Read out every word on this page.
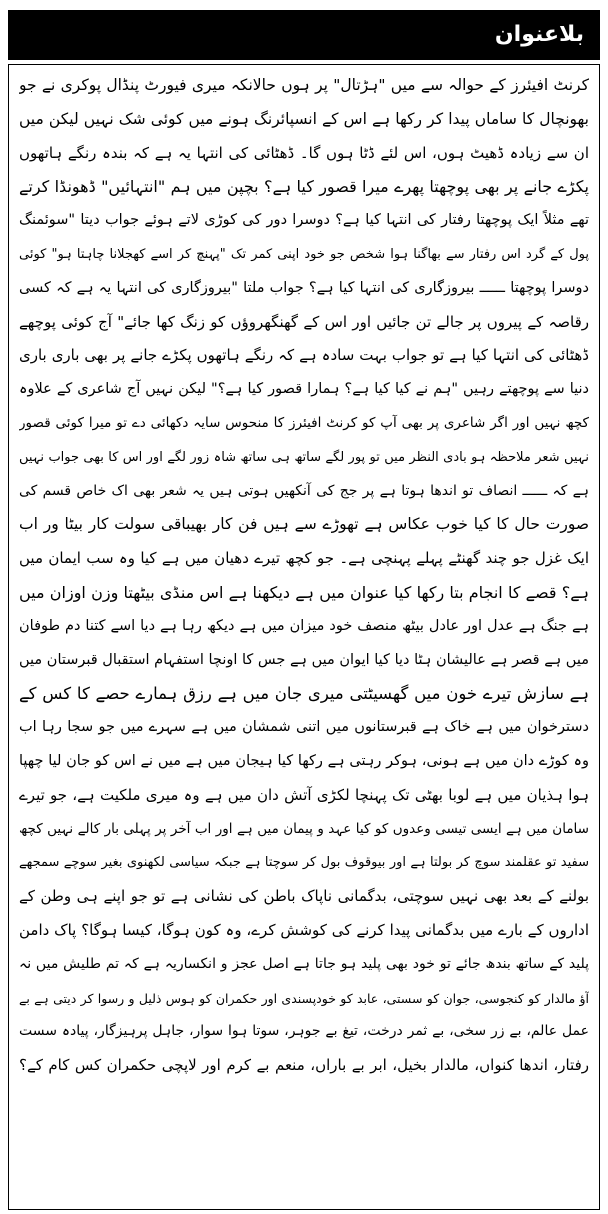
بلاعنوان
کرنٹ افیئرز کے حوالہ سے میں "ہڑتال" پر ہوں حالانکہ میری فیورٹ پنڈال پوکری نے جو
بھونچال کا ساماں پیدا کر رکھا ہے اس کے انسپائرنگ ہونے میں کوئی شک نہیں لیکن میں
ان سے زیادہ ڈھیٹ ہوں، اس لئے ڈٹا ہوں گا۔ ڈھٹائی کی انتہا یہ ہے کہ بندہ رنگے ہاتھوں
پکڑے جانے پر بھی پوچھتا پھرے میرا قصور کیا ہے؟ بچپن میں ہم "انتہائیں" ڈھونڈا کرتے
تھے مثلاً ایک پوچھتا رفتار کی انتہا کیا ہے؟ دوسرا دور کی کوڑی لاتے ہوئے جواب دیتا "سوئمنگ
پول کے گرد اس رفتار سے بھاگنا ہوا شخص جو خود اپنی کمر تک "پہنچ کر اسے کھجلانا چاہتا ہو" کوئی
دوسرا پوچھتا ــــــ بیروزگاری کی انتہا کیا ہے؟ جواب ملتا "بیروزگاری کی انتہا یہ ہے کہ کسی
رقاصہ کے پیروں پر جالے تن جائیں اور اس کے گھنگھروؤں کو زنگ کھا جائے" آج کوئی پوچھے
ڈھٹائی کی انتہا کیا ہے تو جواب بہت سادہ ہے کہ رنگے ہاتھوں پکڑے جانے پر بھی باری باری
دنیا سے پوچھتے رہیں "ہم نے کیا کیا ہے؟ ہمارا قصور کیا ہے؟" لیکن نہیں آج شاعری کے علاوہ
کچھ نہیں اور اگر شاعری پر بھی آپ کو کرنٹ افیئرز کا منحوس سایہ دکھائی دے تو میرا کوئی قصور
نہیں شعر ملاحظہ ہو بادی النظر میں تو پور لگے ساتھ ہی ساتھ شاہ زور لگے اور اس کا بھی جواب نہیں
ہے کہ ــــــ انصاف تو اندھا ہوتا ہے پر جج کی آنکھیں ہوتی ہیں یہ شعر بھی اک خاص قسم کی
صورت حال کا کیا خوب عکاس ہے تھوڑے سے ہیں فن کار بھیباقی سولت کار بیٹا ور اب
ایک غزل جو چند گھنٹے پہلے پہنچی ہے۔ جو کچھ تیرے دھیان میں ہے کیا وہ سب ایمان میں
ہے؟ قصے کا انجام بتا رکھا کیا عنوان میں ہے دیکھنا ہے اس منڈی بیٹھتا وزن اوزان میں
ہے جنگ ہے عدل اور عادل بیٹھ منصف خود میزان میں ہے دیکھ رہا ہے دیا اسے کتنا دم طوفان
میں ہے قصر ہے عالیشان ہٹا دیا کیا ایوان میں ہے جس کا اونچا استفہام استقبال قبرستان میں
ہے سازش تیرے خون میں گھسیٹتی میری جان میں ہے رزق ہمارے حصے کا کس کے
دسترخوان میں ہے خاک ہے قبرستانوں میں اتنی شمشان میں ہے سہرے میں جو سجا رہا اب
وہ کوڑے دان میں ہے ہونی، ہوکر رہتی ہے رکھا کیا ہیجان میں ہے میں نے اس کو جان لیا چھپا
ہوا ہذیان میں ہے لوبا بھٹی تک پہنچا لکڑی آتش دان میں ہے وہ میری ملکیت ہے، جو تیرے
سامان میں ہے ایسی تیسی وعدوں کو کیا عہد و پیمان میں ہے اور اب آخر پر پہلی بار کالے نہیں کچھ
سفید تو عقلمند سوچ کر بولتا ہے اور بیوقوف بول کر سوچتا ہے جبکہ سیاسی لکھنوی بغیر سوچے سمجھے
بولنے کے بعد بھی نہیں سوچتی، بدگمانی ناپاک باطن کی نشانی ہے تو جو اپنے ہی وطن کے
اداروں کے بارے میں بدگمانی پیدا کرنے کی کوشش کرے، وہ کون ہوگا، کیسا ہوگا؟ پاک دامن
پلید کے ساتھ بندھ جائے تو خود بھی پلید ہو جاتا ہے اصل عجز و انکساریہ ہے کہ تم طلیش میں نہ
آؤ مالدار کو کنجوسی، جوان کو سستی، عابد کو خودپسندی اور حکمران کو ہوس ذلیل و رسوا کر دیتی ہے بے
عمل عالم، بے زر سخی، بے ثمر درخت، تیغ بے جوہر، سوتا ہوا سوار، جاہل پرہیزگار، پیادہ سست
رفتار، اندھا کنواں، مالدار بخیل، ابر بے باراں، منعم بے کرم اور لاپچی حکمران کس کام کے؟
